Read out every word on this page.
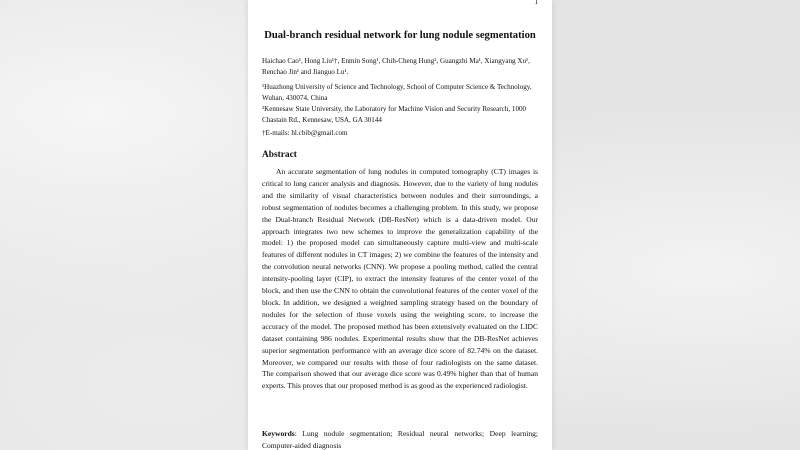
1
Dual-branch residual network for lung nodule segmentation
Haichao Cao¹, Hong Liu¹†, Enmin Song¹, Chih-Cheng Hung², Guangzhi Ma¹, Xiangyang Xu¹, Renchao Jin¹ and Jianguo Lu¹.
¹Huazhong University of Science and Technology, School of Computer Science & Technology, Wuhan, 430074, China
²Kennesaw State University, the Laboratory for Machine Vision and Security Research, 1000 Chastain Rd., Kennesaw, USA, GA 30144
†E-mails: hl.cbib@gmail.com
Abstract
An accurate segmentation of lung nodules in computed tomography (CT) images is critical to lung cancer analysis and diagnosis. However, due to the variety of lung nodules and the similarity of visual characteristics between nodules and their surroundings, a robust segmentation of nodules becomes a challenging problem. In this study, we propose the Dual-branch Residual Network (DB-ResNet) which is a data-driven model. Our approach integrates two new schemes to improve the generalization capability of the model: 1) the proposed model can simultaneously capture multi-view and multi-scale features of different nodules in CT images; 2) we combine the features of the intensity and the convolution neural networks (CNN). We propose a pooling method, called the central intensity-pooling layer (CIP), to extract the intensity features of the center voxel of the block, and then use the CNN to obtain the convolutional features of the center voxel of the block. In addition, we designed a weighted sampling strategy based on the boundary of nodules for the selection of those voxels using the weighting score, to increase the accuracy of the model. The proposed method has been extensively evaluated on the LIDC dataset containing 986 nodules. Experimental results show that the DB-ResNet achieves superior segmentation performance with an average dice score of 82.74% on the dataset. Moreover, we compared our results with those of four radiologists on the same dataset. The comparison showed that our average dice score was 0.49% higher than that of human experts. This proves that our proposed method is as good as the experienced radiologist.
Keywords: Lung nodule segmentation; Residual neural networks; Deep learning; Computer-aided diagnosis
